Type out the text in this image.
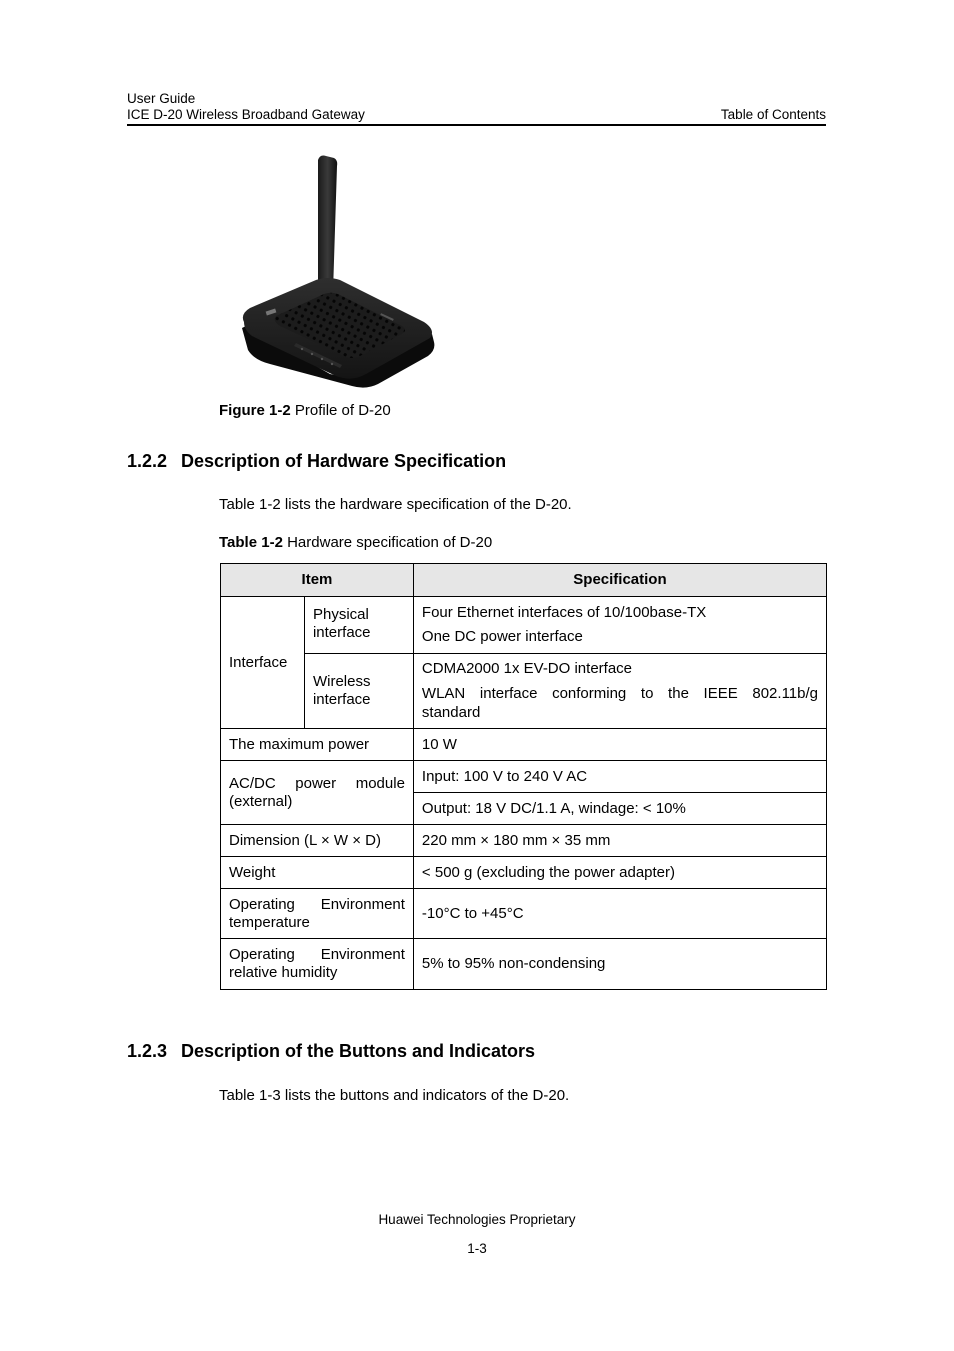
User Guide
ICE D-20 Wireless Broadband Gateway	Table of Contents
Figure 1-2 Profile of D-20
1.2.2 Description of Hardware Specification
Table 1-2 lists the hardware specification of the D-20.
Table 1-2 Hardware specification of D-20
Item		Specification
Interface	Physical interface	Four Ethernet interfaces of 10/100base-TX

One DC power interface

	Wireless interface	CDMA2000 1x EV-DO interface

WLAN interface conforming to the IEEE 802.11b/g
standard

The maximum power		10 W

AC/DC power module
(external)		Input: 100 V to 240 V AC
		Output: 18 V DC/1.1 A, windage: < 10%
Dimension (L × W × D)		220 mm × 180 mm × 35 mm
Weight		< 500 g (excluding the power adapter)

Operating Environment
temperature		-10°C to +45°C

Operating Environment
relative humidity		5% to 95% non-condensing
1.2.3 Description of the Buttons and Indicators
Table 1-3 lists the buttons and indicators of the D-20.
Huawei Technologies Proprietary
1-3
